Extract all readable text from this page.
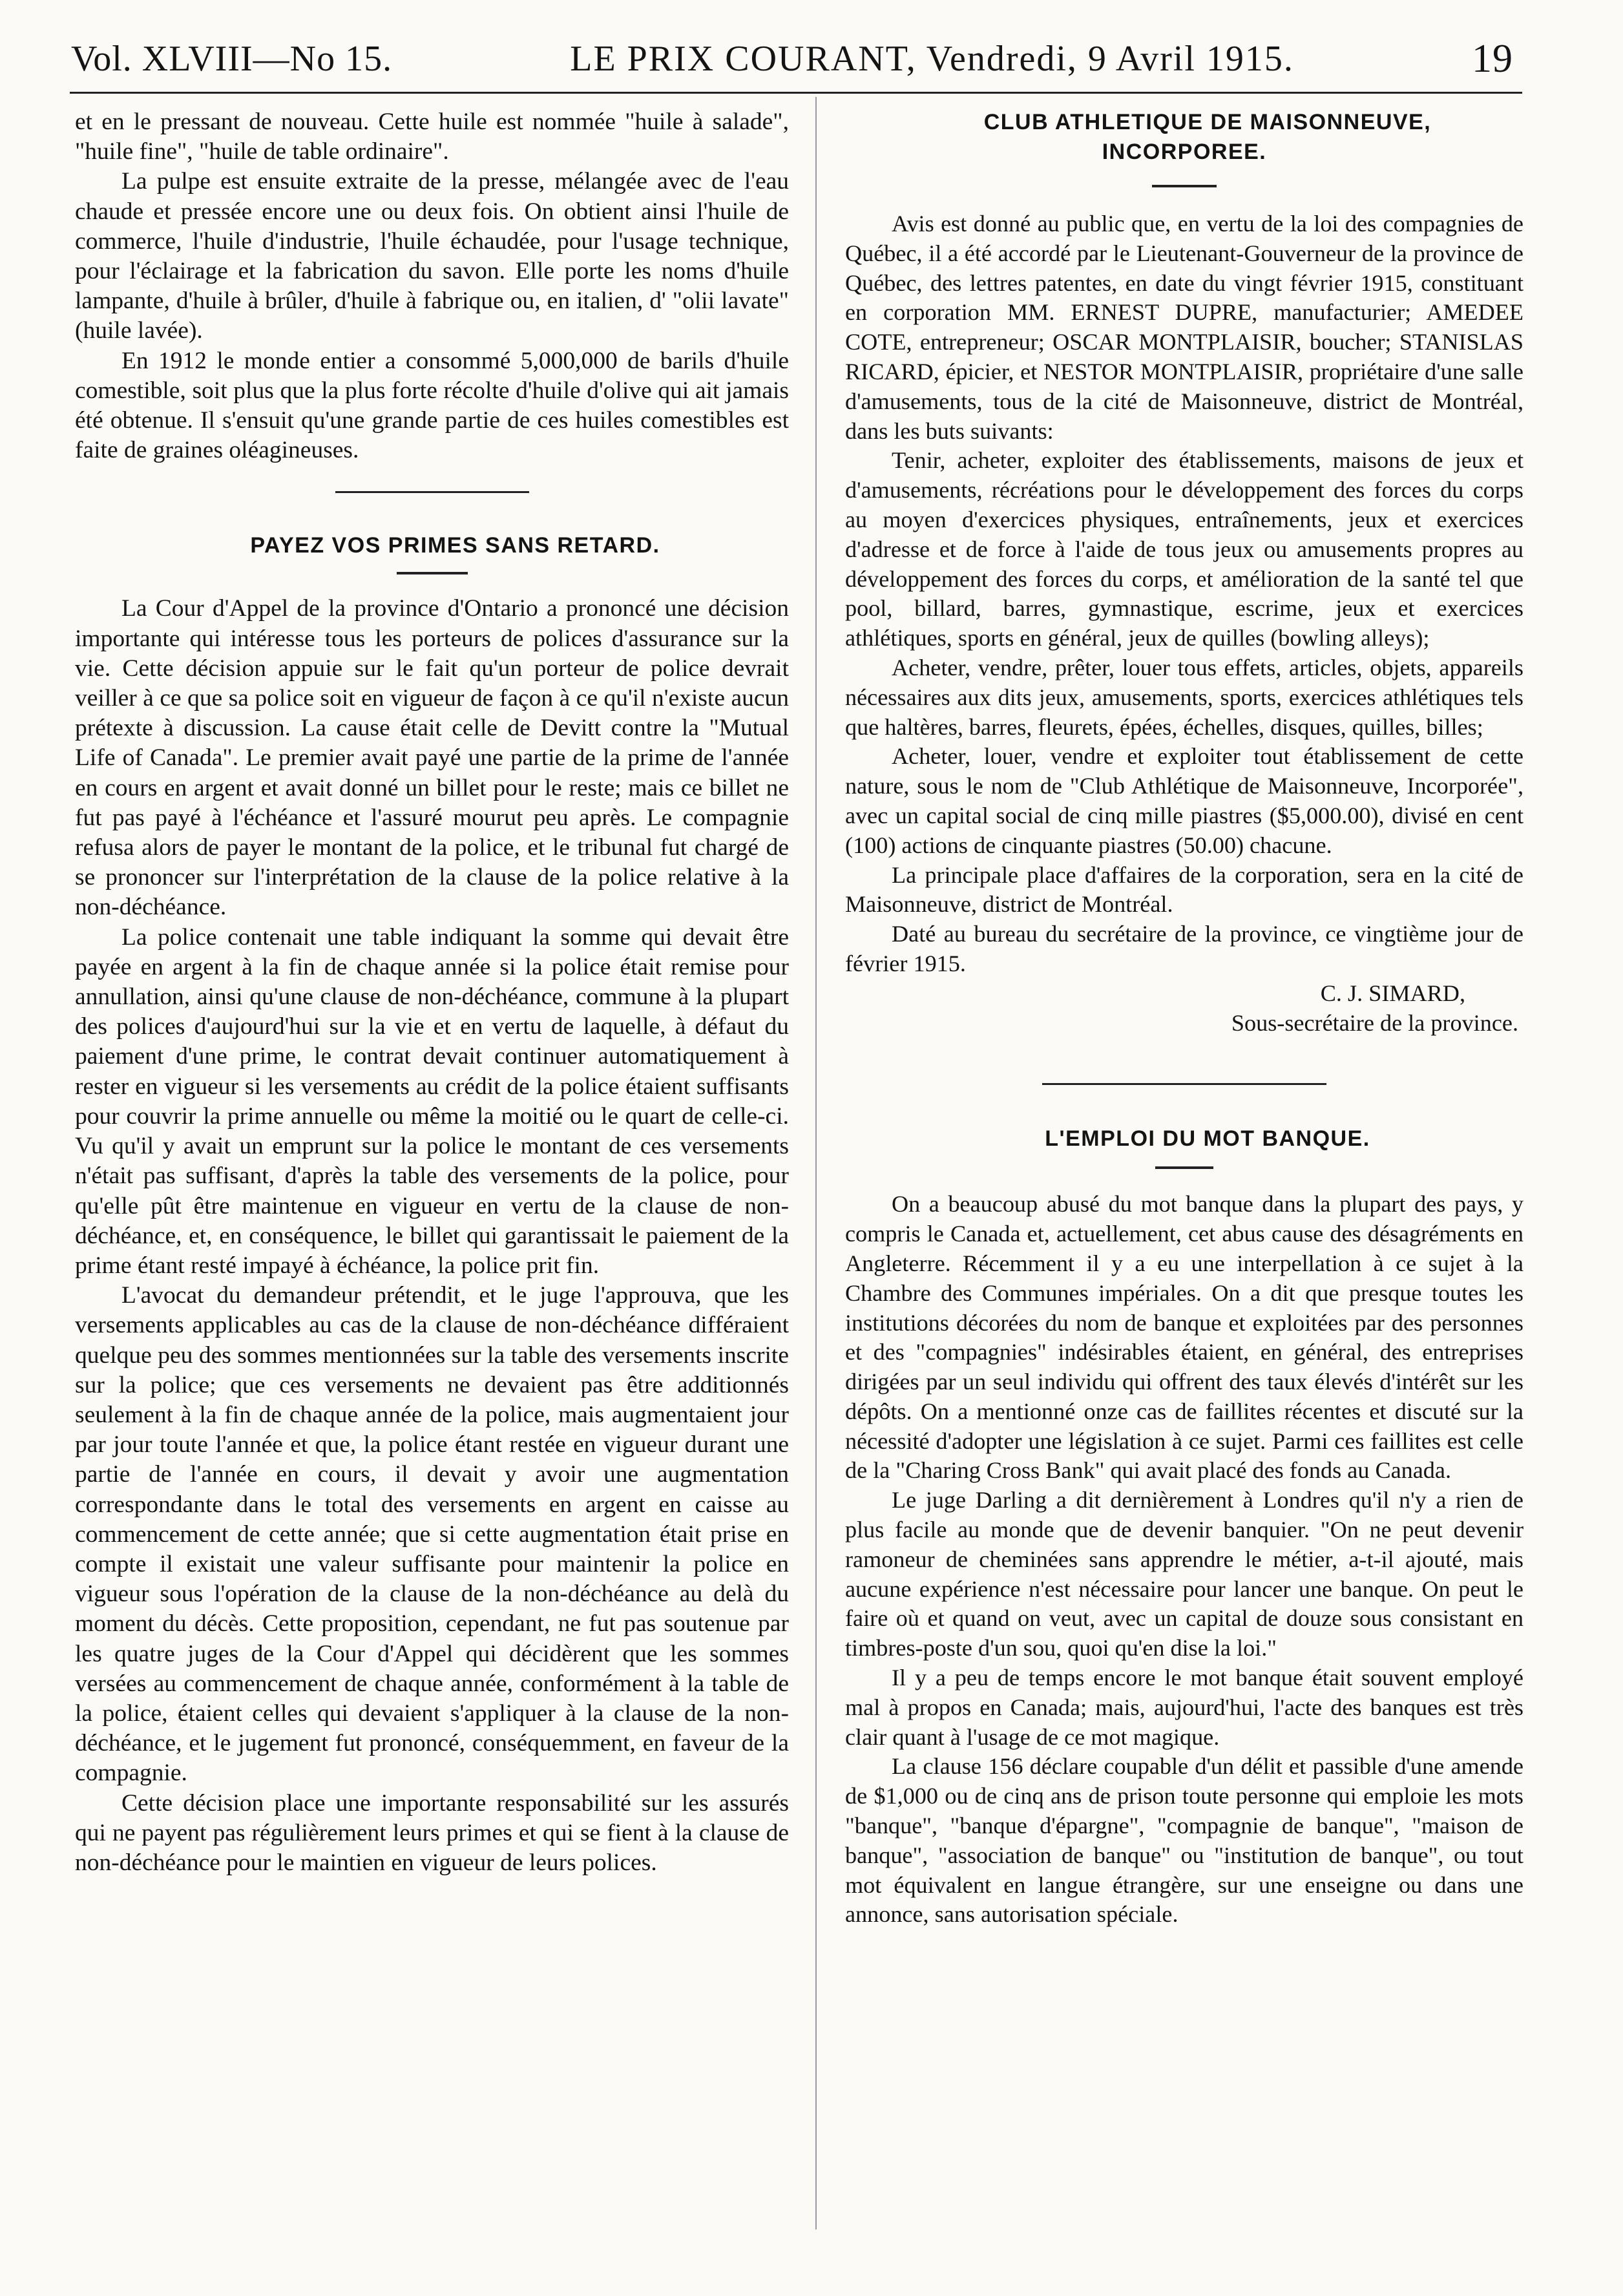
Vol. XLVIII—No 15.	LE PRIX COURANT, Vendredi, 9 Avril 1915.	19

et en le pressant de nouveau. Cette huile est nommée "huile à salade", "huile fine", "huile de table ordinaire".

La pulpe est ensuite extraite de la presse, mélangée avec de l'eau chaude et pressée encore une ou deux fois. On obtient ainsi l'huile de commerce, l'huile d'industrie, l'huile échaudée, pour l'usage technique, pour l'éclairage et la fabrication du savon. Elle porte les noms d'huile lampante, d'huile à brûler, d'huile à fabrique ou, en italien, d' "olii lavate" (huile lavée).

En 1912 le monde entier a consommé 5,000,000 de barils d'huile comestible, soit plus que la plus forte récolte d'huile d'olive qui ait jamais été obtenue. Il s'ensuit qu'une grande partie de ces huiles comestibles est faite de graines oléagineuses.

PAYEZ VOS PRIMES SANS RETARD.

La Cour d'Appel de la province d'Ontario a prononcé une décision importante qui intéresse tous les porteurs de polices d'assurance sur la vie. Cette décision appuie sur le fait qu'un porteur de police devrait veiller à ce que sa police soit en vigueur de façon à ce qu'il n'existe aucun prétexte à discussion. La cause était celle de Devitt contre la "Mutual Life of Canada". Le premier avait payé une partie de la prime de l'année en cours en argent et avait donné un billet pour le reste; mais ce billet ne fut pas payé à l'échéance et l'assuré mourut peu après. Le compagnie refusa alors de payer le montant de la police, et le tribunal fut chargé de se prononcer sur l'interprétation de la clause de la police relative à la non-déchéance.

La police contenait une table indiquant la somme qui devait être payée en argent à la fin de chaque année si la police était remise pour annullation, ainsi qu'une clause de non-déchéance, commune à la plupart des polices d'aujourd'hui sur la vie et en vertu de laquelle, à défaut du paiement d'une prime, le contrat devait continuer automatiquement à rester en vigueur si les versements au crédit de la police étaient suffisants pour couvrir la prime annuelle ou même la moitié ou le quart de celle-ci. Vu qu'il y avait un emprunt sur la police le montant de ces versements n'était pas suffisant, d'après la table des versements de la police, pour qu'elle pût être maintenue en vigueur en vertu de la clause de non-déchéance, et, en conséquence, le billet qui garantissait le paiement de la prime étant resté impayé à échéance, la police prit fin.

L'avocat du demandeur prétendit, et le juge l'approuva, que les versements applicables au cas de la clause de non-déchéance différaient quelque peu des sommes mentionnées sur la table des versements inscrite sur la police; que ces versements ne devaient pas être additionnés seulement à la fin de chaque année de la police, mais augmentaient jour par jour toute l'année et que, la police étant restée en vigueur durant une partie de l'année en cours, il devait y avoir une augmentation correspondante dans le total des versements en argent en caisse au commencement de cette année; que si cette augmentation était prise en compte il existait une valeur suffisante pour maintenir la police en vigueur sous l'opération de la clause de la non-déchéance au delà du moment du décès. Cette proposition, cependant, ne fut pas soutenue par les quatre juges de la Cour d'Appel qui décidèrent que les sommes versées au commencement de chaque année, conformément à la table de la police, étaient celles qui devaient s'appliquer à la clause de la non-déchéance, et le jugement fut prononcé, conséquemment, en faveur de la compagnie.

Cette décision place une importante responsabilité sur les assurés qui ne payent pas régulièrement leurs primes et qui se fient à la clause de non-déchéance pour le maintien en vigueur de leurs polices.

CLUB ATHLETIQUE DE MAISONNEUVE, INCORPOREE.

Avis est donné au public que, en vertu de la loi des compagnies de Québec, il a été accordé par le Lieutenant-Gouverneur de la province de Québec, des lettres patentes, en date du vingt février 1915, constituant en corporation MM. ERNEST DUPRE, manufacturier; AMEDEE COTE, entrepreneur; OSCAR MONTPLAISIR, boucher; STANISLAS RICARD, épicier, et NESTOR MONTPLAISIR, propriétaire d'une salle d'amusements, tous de la cité de Maisonneuve, district de Montréal, dans les buts suivants:

Tenir, acheter, exploiter des établissements, maisons de jeux et d'amusements, récréations pour le développement des forces du corps au moyen d'exercices physiques, entraînements, jeux et exercices d'adresse et de force à l'aide de tous jeux ou amusements propres au développement des forces du corps, et amélioration de la santé tel que pool, billard, barres, gymnastique, escrime, jeux et exercices athlétiques, sports en général, jeux de quilles (bowling alleys);

Acheter, vendre, prêter, louer tous effets, articles, objets, appareils nécessaires aux dits jeux, amusements, sports, exercices athlétiques tels que haltères, barres, fleurets, épées, échelles, disques, quilles, billes;

Acheter, louer, vendre et exploiter tout établissement de cette nature, sous le nom de "Club Athlétique de Maisonneuve, Incorporée", avec un capital social de cinq mille piastres ($5,000.00), divisé en cent (100) actions de cinquante piastres (50.00) chacune.

La principale place d'affaires de la corporation, sera en la cité de Maisonneuve, district de Montréal.

Daté au bureau du secrétaire de la province, ce vingtième jour de février 1915.

C. J. SIMARD,

Sous-secrétaire de la province.

L'EMPLOI DU MOT BANQUE.

On a beaucoup abusé du mot banque dans la plupart des pays, y compris le Canada et, actuellement, cet abus cause des désagréments en Angleterre. Récemment il y a eu une interpellation à ce sujet à la Chambre des Communes impériales. On a dit que presque toutes les institutions décorées du nom de banque et exploitées par des personnes et des "compagnies" indésirables étaient, en général, des entreprises dirigées par un seul individu qui offrent des taux élevés d'intérêt sur les dépôts. On a mentionné onze cas de faillites récentes et discuté sur la nécessité d'adopter une législation à ce sujet. Parmi ces faillites est celle de la "Charing Cross Bank" qui avait placé des fonds au Canada.

Le juge Darling a dit dernièrement à Londres qu'il n'y a rien de plus facile au monde que de devenir banquier. "On ne peut devenir ramoneur de cheminées sans apprendre le métier, a-t-il ajouté, mais aucune expérience n'est nécessaire pour lancer une banque. On peut le faire où et quand on veut, avec un capital de douze sous consistant en timbres-poste d'un sou, quoi qu'en dise la loi."

Il y a peu de temps encore le mot banque était souvent employé mal à propos en Canada; mais, aujourd'hui, l'acte des banques est très clair quant à l'usage de ce mot magique.

La clause 156 déclare coupable d'un délit et passible d'une amende de $1,000 ou de cinq ans de prison toute personne qui emploie les mots "banque", "banque d'épargne", "compagnie de banque", "maison de banque", "association de banque" ou "institution de banque", ou tout mot équivalent en langue étrangère, sur une enseigne ou dans une annonce, sans autorisation spéciale.
